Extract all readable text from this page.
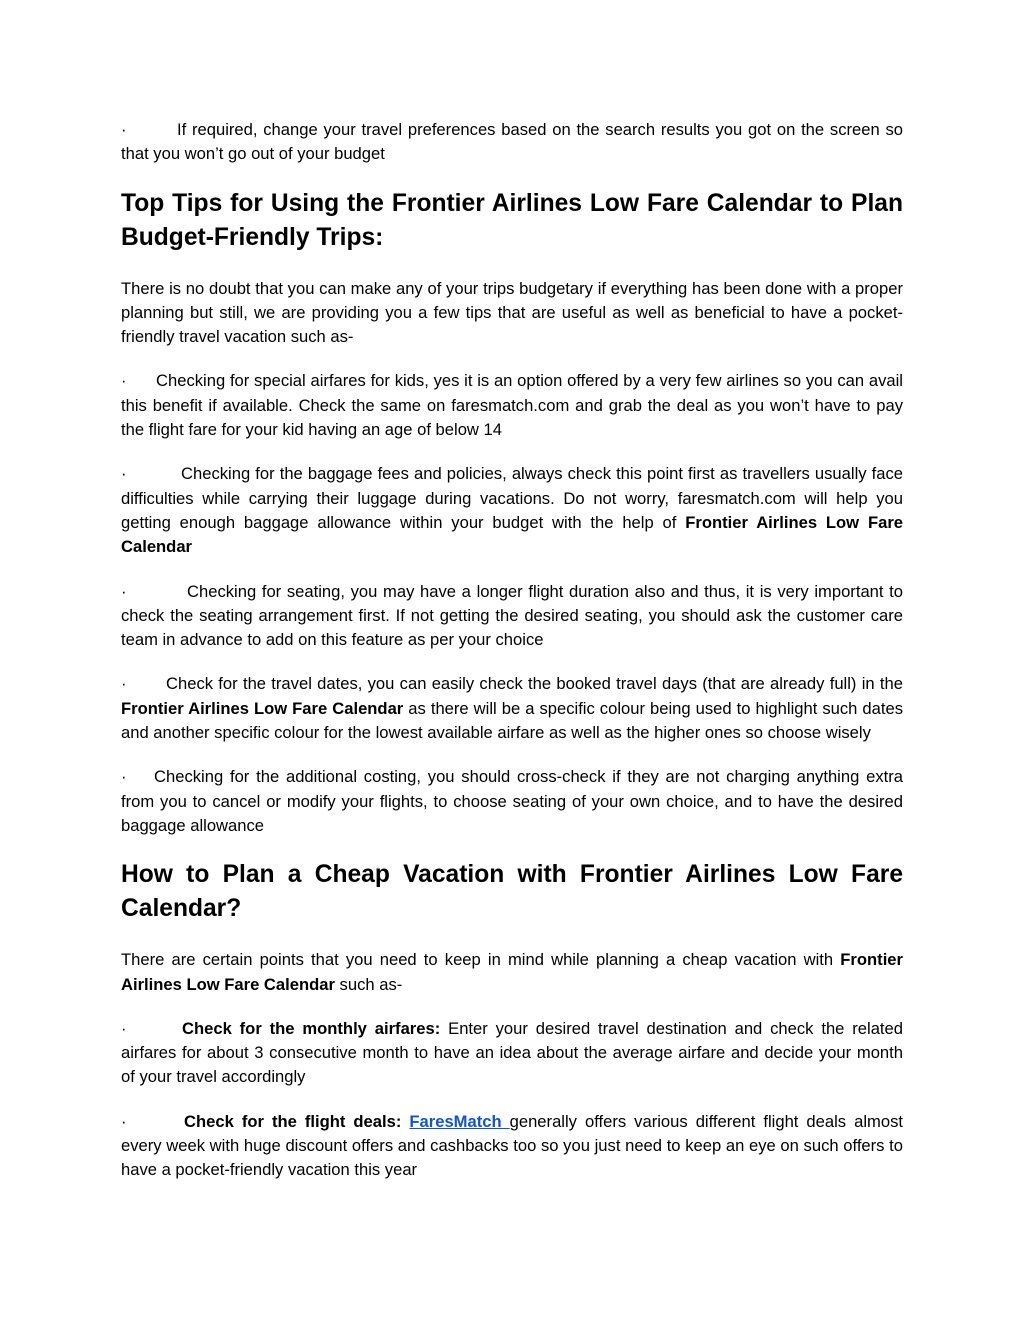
·	If required, change your travel preferences based on the search results you got on the screen so that you won’t go out of your budget

Top Tips for Using the Frontier Airlines Low Fare Calendar to Plan Budget-Friendly Trips:

There is no doubt that you can make any of your trips budgetary if everything has been done with a proper planning but still, we are providing you a few tips that are useful as well as beneficial to have a pocket-friendly travel vacation such as-

· Checking for special airfares for kids, yes it is an option offered by a very few airlines so you can avail this benefit if available. Check the same on faresmatch.com and grab the deal as you won’t have to pay the flight fare for your kid having an age of below 14

·	Checking for the baggage fees and policies, always check this point first as travellers usually face difficulties while carrying their luggage during vacations. Do not worry, faresmatch.com will help you getting enough baggage allowance within your budget with the help of Frontier Airlines Low Fare Calendar

·	Checking for seating, you may have a longer flight duration also and thus, it is very important to check the seating arrangement first. If not getting the desired seating, you should ask the customer care team in advance to add on this feature as per your choice

· Check for the travel dates, you can easily check the booked travel days (that are already full) in the Frontier Airlines Low Fare Calendar as there will be a specific colour being used to highlight such dates and another specific colour for the lowest available airfare as well as the higher ones so choose wisely

· Checking for the additional costing, you should cross-check if they are not charging anything extra from you to cancel or modify your flights, to choose seating of your own choice, and to have the desired baggage allowance

How to Plan a Cheap Vacation with Frontier Airlines Low Fare Calendar?

There are certain points that you need to keep in mind while planning a cheap vacation with Frontier Airlines Low Fare Calendar such as-

·	Check for the monthly airfares: Enter your desired travel destination and check the related airfares for about 3 consecutive month to have an idea about the average airfare and decide your month of your travel accordingly

·	Check for the flight deals: FaresMatch generally offers various different flight deals almost every week with huge discount offers and cashbacks too so you just need to keep an eye on such offers to have a pocket-friendly vacation this year
